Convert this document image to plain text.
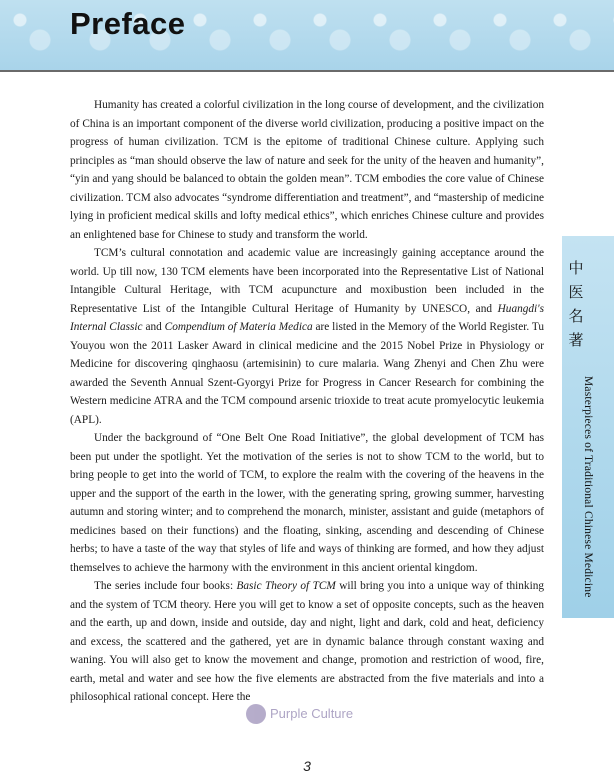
Preface

Humanity has created a colorful civilization in the long course of development, and the civilization of China is an important component of the diverse world civilization, producing a positive impact on the progress of human civilization. TCM is the epitome of traditional Chinese culture. Applying such principles as “man should observe the law of nature and seek for the unity of the heaven and humanity”, “yin and yang should be balanced to obtain the golden mean”. TCM embodies the core value of Chinese civilization. TCM also advocates “syndrome differentiation and treatment”, and “mastership of medicine lying in proficient medical skills and lofty medical ethics”, which enriches Chinese culture and provides an enlightened base for Chinese to study and transform the world.

TCM’s cultural connotation and academic value are increasingly gaining acceptance around the world. Up till now, 130 TCM elements have been incorporated into the Representative List of National Intangible Cultural Heritage, with TCM acupuncture and moxibustion been included in the Representative List of the Intangible Cultural Heritage of Humanity by UNESCO, and Huangdi's Internal Classic and Compendium of Materia Medica are listed in the Memory of the World Register. Tu Youyou won the 2011 Lasker Award in clinical medicine and the 2015 Nobel Prize in Physiology or Medicine for discovering qinghaosu (artemisinin) to cure malaria. Wang Zhenyi and Chen Zhu were awarded the Seventh Annual Szent-Gyorgyi Prize for Progress in Cancer Research for combining the Western medicine ATRA and the TCM compound arsenic trioxide to treat acute promyelocytic leukemia (APL).

Under the background of “One Belt One Road Initiative”, the global development of TCM has been put under the spotlight. Yet the motivation of the series is not to show TCM to the world, but to bring people to get into the world of TCM, to explore the realm with the covering of the heavens in the upper and the support of the earth in the lower, with the generating spring, growing summer, harvesting autumn and storing winter; and to comprehend the monarch, minister, assistant and guide (metaphors of medicines based on their functions) and the floating, sinking, ascending and descending of Chinese herbs; to have a taste of the way that styles of life and ways of thinking are formed, and how they adjust themselves to achieve the harmony with the environment in this ancient oriental kingdom.

The series include four books: Basic Theory of TCM will bring you into a unique way of thinking and the system of TCM theory. Here you will get to know a set of opposite concepts, such as the heaven and the earth, up and down, inside and outside, day and night, light and dark, cold and heat, deficiency and excess, the scattered and the gathered, yet are in dynamic balance through constant waxing and waning. You will also get to know the movement and change, promotion and restriction of wood, fire, earth, metal and water and see how the five elements are abstracted from the five materials and into a philosophical rational concept. Here the

中
医
名
著
Masterpieces of Traditional Chinese Medicine
Purple Culture
3
